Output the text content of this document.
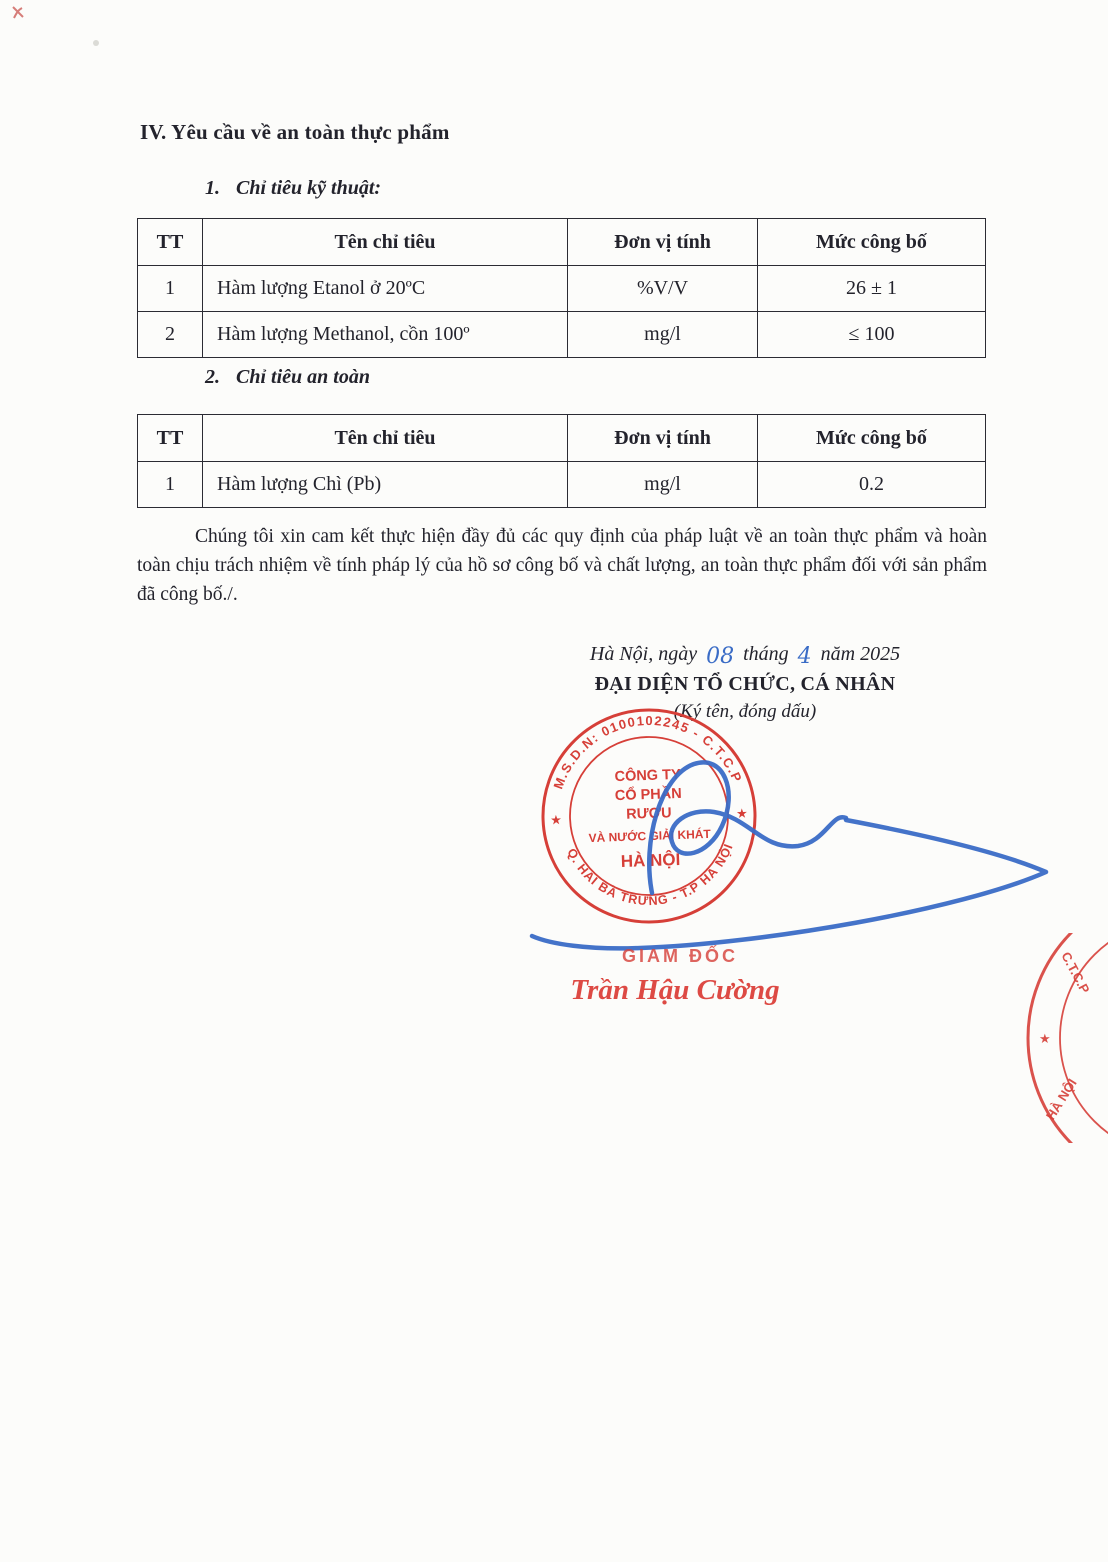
IV. Yêu cầu về an toàn thực phẩm
1. Chỉ tiêu kỹ thuật:
TT	Tên chỉ tiêu	Đơn vị tính	Mức công bố
1	Hàm lượng Etanol ở 20ºC	%V/V	26 ± 1
2	Hàm lượng Methanol, cồn 100º	mg/l	≤ 100
2. Chỉ tiêu an toàn
TT	Tên chỉ tiêu	Đơn vị tính	Mức công bố
1	Hàm lượng Chì (Pb)	mg/l	0.2

Chúng tôi xin cam kết thực hiện đầy đủ các quy định của pháp luật về an toàn thực phẩm và hoàn toàn chịu trách nhiệm về tính pháp lý của hồ sơ công bố và chất lượng, an toàn thực phẩm đối với sản phẩm đã công bố./.

Hà Nội, ngày 08 tháng 4 năm 2025
ĐẠI DIỆN TỔ CHỨC, CÁ NHÂN
(Ký tên, đóng dấu)
M.S.D.N: 0100102245 - C.T.C.P
Q. HAI BÀ TRƯNG - T.P HÀ NỘI
CÔNG TY
CỔ PHẦN
RƯỢU
VÀ NƯỚC GIẢI KHÁT
HÀ NỘI
★	★
GIAM ĐỐC
Trần Hậu Cường	C.T.C.P
HÀ NỘI
★
